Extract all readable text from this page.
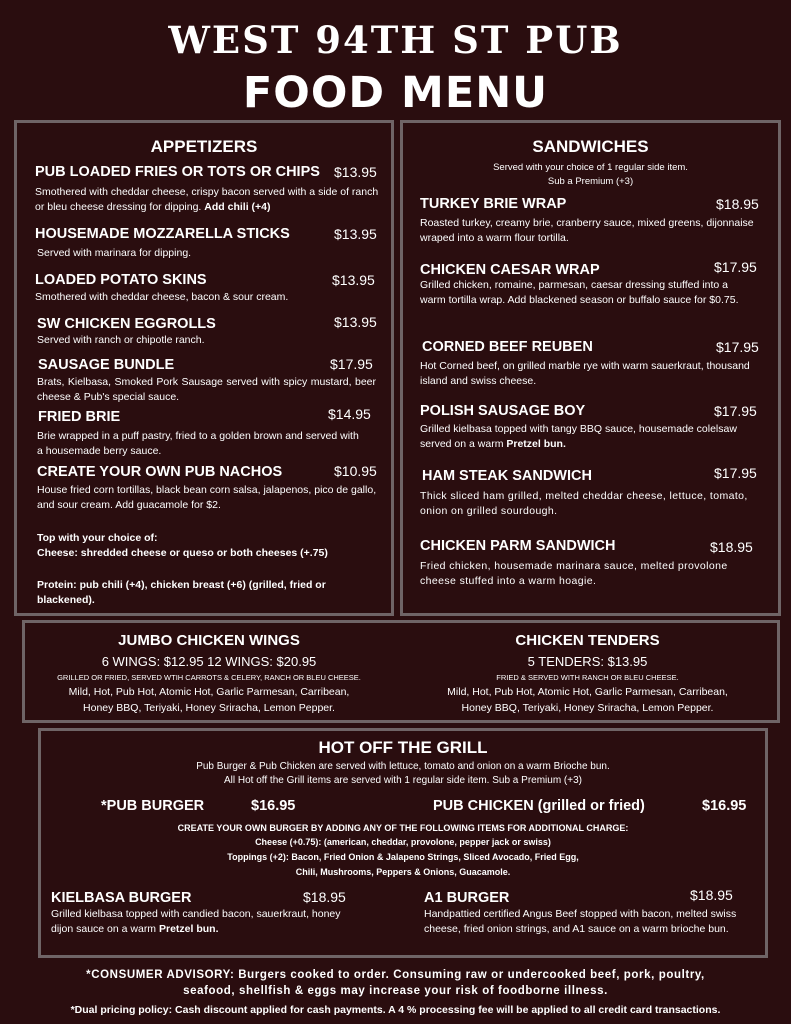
WEST 94TH ST PUB
FOOD MENU
APPETIZERS
PUB LOADED FRIES OR TOTS OR CHIPS $13.95
Smothered with cheddar cheese, crispy bacon served with a side of ranch or bleu cheese dressing for dipping. Add chili (+4)
HOUSEMADE MOZZARELLA STICKS	$13.95
Served with marinara for dipping.
LOADED POTATO SKINS	$13.95
Smothered with cheddar cheese, bacon & sour cream.
SW CHICKEN EGGROLLS	$13.95
Served with ranch or chipotle ranch.
SAUSAGE BUNDLE	$17.95
Brats, Kielbasa, Smoked Pork Sausage served with spicy mustard, beer cheese & Pub's special sauce.
FRIED BRIE	$14.95
Brie wrapped in a puff pastry, fried to a golden brown and served with a housemade berry sauce.
CREATE YOUR OWN PUB NACHOS	$10.95
House fried corn tortillas, black bean corn salsa, jalapenos, pico de gallo, and sour cream. Add guacamole for $2.
Top with your choice of:
Cheese: shredded cheese or queso or both cheeses (+.75)
Protein: pub chili (+4), chicken breast (+6) (grilled, fried or blackened).
SANDWICHES
Served with your choice of 1 regular side item.
Sub a Premium (+3)
TURKEY BRIE WRAP	$18.95
Roasted turkey, creamy brie, cranberry sauce, mixed greens, dijonnaise wraped into a warm flour tortilla.
CHICKEN CAESAR WRAP	$17.95
Grilled chicken, romaine, parmesan, caesar dressing stuffed into a warm tortilla wrap. Add blackened season or buffalo sauce for $0.75.
CORNED BEEF REUBEN	$17.95
Hot Corned beef, on grilled marble rye with warm sauerkraut, thousand island and swiss cheese.
POLISH SAUSAGE BOY	$17.95
Grilled kielbasa topped with tangy BBQ sauce, housemade colelsaw served on a warm Pretzel bun.
HAM STEAK SANDWICH	$17.95
Thick sliced ham grilled, melted cheddar cheese, lettuce, tomato, onion on grilled sourdough.
CHICKEN PARM SANDWICH	$18.95
Fried chicken, housemade marinara sauce, melted provolone cheese stuffed into a warm hoagie.
JUMBO CHICKEN WINGS
6 WINGS: $12.95 12 WINGS: $20.95
GRILLED OR FRIED, SERVED WTIH CARROTS & CELERY, RANCH OR BLEU CHEESE.
Mild, Hot, Pub Hot, Atomic Hot, Garlic Parmesan, Carribean,
Honey BBQ, Teriyaki, Honey Sriracha, Lemon Pepper.
CHICKEN TENDERS
5 TENDERS: $13.95
FRIED & SERVED WITH RANCH OR BLEU CHEESE.
Mild, Hot, Pub Hot, Atomic Hot, Garlic Parmesan, Carribean,
Honey BBQ, Teriyaki, Honey Sriracha, Lemon Pepper.
HOT OFF THE GRILL
Pub Burger & Pub Chicken are served with lettuce, tomato and onion on a warm Brioche bun.
All Hot off the Grill items are served with 1 regular side item. Sub a Premium (+3)
*PUB BURGER	$16.95	PUB CHICKEN (grilled or fried)	$16.95
CREATE YOUR OWN BURGER BY ADDING ANY OF THE FOLLOWING ITEMS FOR ADDITIONAL CHARGE:
Cheese (+0.75): (american, cheddar, provolone, pepper jack or swiss)
Toppings (+2): Bacon, Fried Onion & Jalapeno Strings, Sliced Avocado, Fried Egg,
Chili, Mushrooms, Peppers & Onions, Guacamole.
KIELBASA BURGER	$18.95
Grilled kielbasa topped with candied bacon, sauerkraut, honey dijon sauce on a warm Pretzel bun.
A1 BURGER	$18.95
Handpattied certified Angus Beef stopped with bacon, melted swiss cheese, fried onion strings, and A1 sauce on a warm brioche bun.
*CONSUMER ADVISORY: Burgers cooked to order. Consuming raw or undercooked beef, pork, poultry,
seafood, shellfish & eggs may increase your risk of foodborne illness.
*Dual pricing policy: Cash discount applied for cash payments. A 4 % processing fee will be applied to all credit card transactions.
